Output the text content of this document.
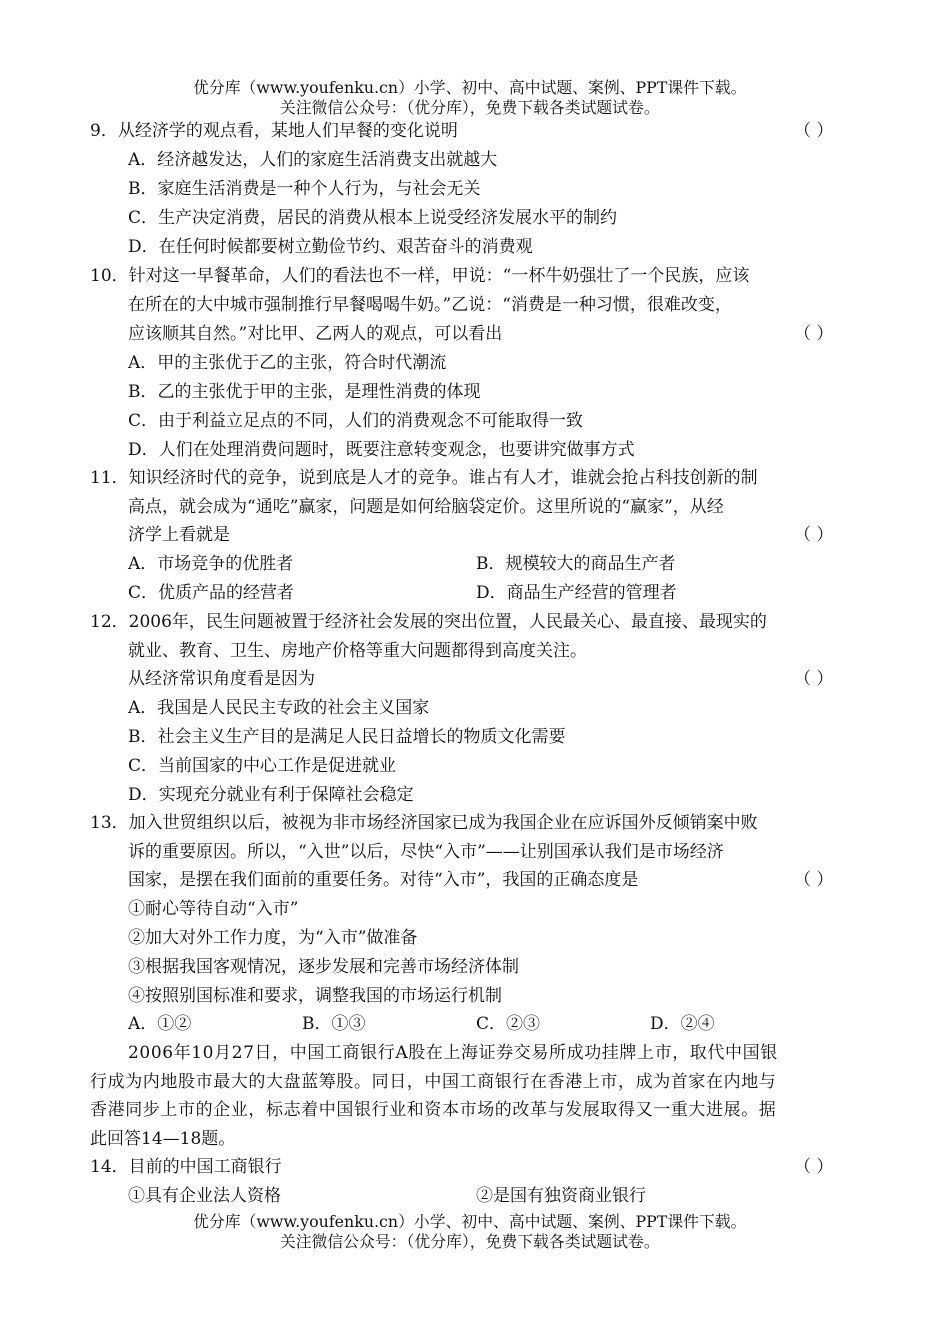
优分库（www.youfenku.cn）小学、初中、高中试题、案例、PPT课件下载。
关注微信公众号：（优分库），免费下载各类试题试卷。
9．从经济学的观点看，某地人们早餐的变化说明	（ ）
A．经济越发达，人们的家庭生活消费支出就越大
B．家庭生活消费是一种个人行为，与社会无关
C．生产决定消费，居民的消费从根本上说受经济发展水平的制约
D．在任何时候都要树立勤俭节约、艰苦奋斗的消费观
10．针对这一早餐革命，人们的看法也不一样，甲说：“一杯牛奶强壮了一个民族，应该
在所在的大中城市强制推行早餐喝喝牛奶。”乙说：“消费是一种习惯，很难改变，
应该顺其自然。”对比甲、乙两人的观点，可以看出	（ ）
A．甲的主张优于乙的主张，符合时代潮流
B．乙的主张优于甲的主张，是理性消费的体现
C．由于利益立足点的不同，人们的消费观念不可能取得一致
D．人们在处理消费问题时，既要注意转变观念，也要讲究做事方式
11．知识经济时代的竞争，说到底是人才的竞争。谁占有人才，谁就会抢占科技创新的制
高点，就会成为“通吃”赢家，问题是如何给脑袋定价。这里所说的“赢家”，从经
济学上看就是	（ ）
A．市场竞争的优胜者	B．规模较大的商品生产者
C．优质产品的经营者	D．商品生产经营的管理者
12．2006年，民生问题被置于经济社会发展的突出位置，人民最关心、最直接、最现实的
就业、教育、卫生、房地产价格等重大问题都得到高度关注。
从经济常识角度看是因为	（ ）
A．我国是人民民主专政的社会主义国家
B．社会主义生产目的是满足人民日益增长的物质文化需要
C．当前国家的中心工作是促进就业
D．实现充分就业有利于保障社会稳定
13．加入世贸组织以后，被视为非市场经济国家已成为我国企业在应诉国外反倾销案中败
诉的重要原因。所以，“入世”以后，尽快“入市”——让别国承认我们是市场经济
国家，是摆在我们面前的重要任务。对待“入市”，我国的正确态度是	（ ）
①耐心等待自动“入市”
②加大对外工作力度，为“入市”做准备
③根据我国客观情况，逐步发展和完善市场经济体制
④按照别国标准和要求，调整我国的市场运行机制
A．①②	B．①③	C．②③	D．②④
2006年10月27日，中国工商银行A股在上海证券交易所成功挂牌上市，取代中国银
行成为内地股市最大的大盘蓝筹股。同日，中国工商银行在香港上市，成为首家在内地与
香港同步上市的企业，标志着中国银行业和资本市场的改革与发展取得又一重大进展。据
此回答14—18题。
14．目前的中国工商银行	（ ）
①具有企业法人资格	②是国有独资商业银行
优分库（www.youfenku.cn）小学、初中、高中试题、案例、PPT课件下载。
关注微信公众号：（优分库），免费下载各类试题试卷。
